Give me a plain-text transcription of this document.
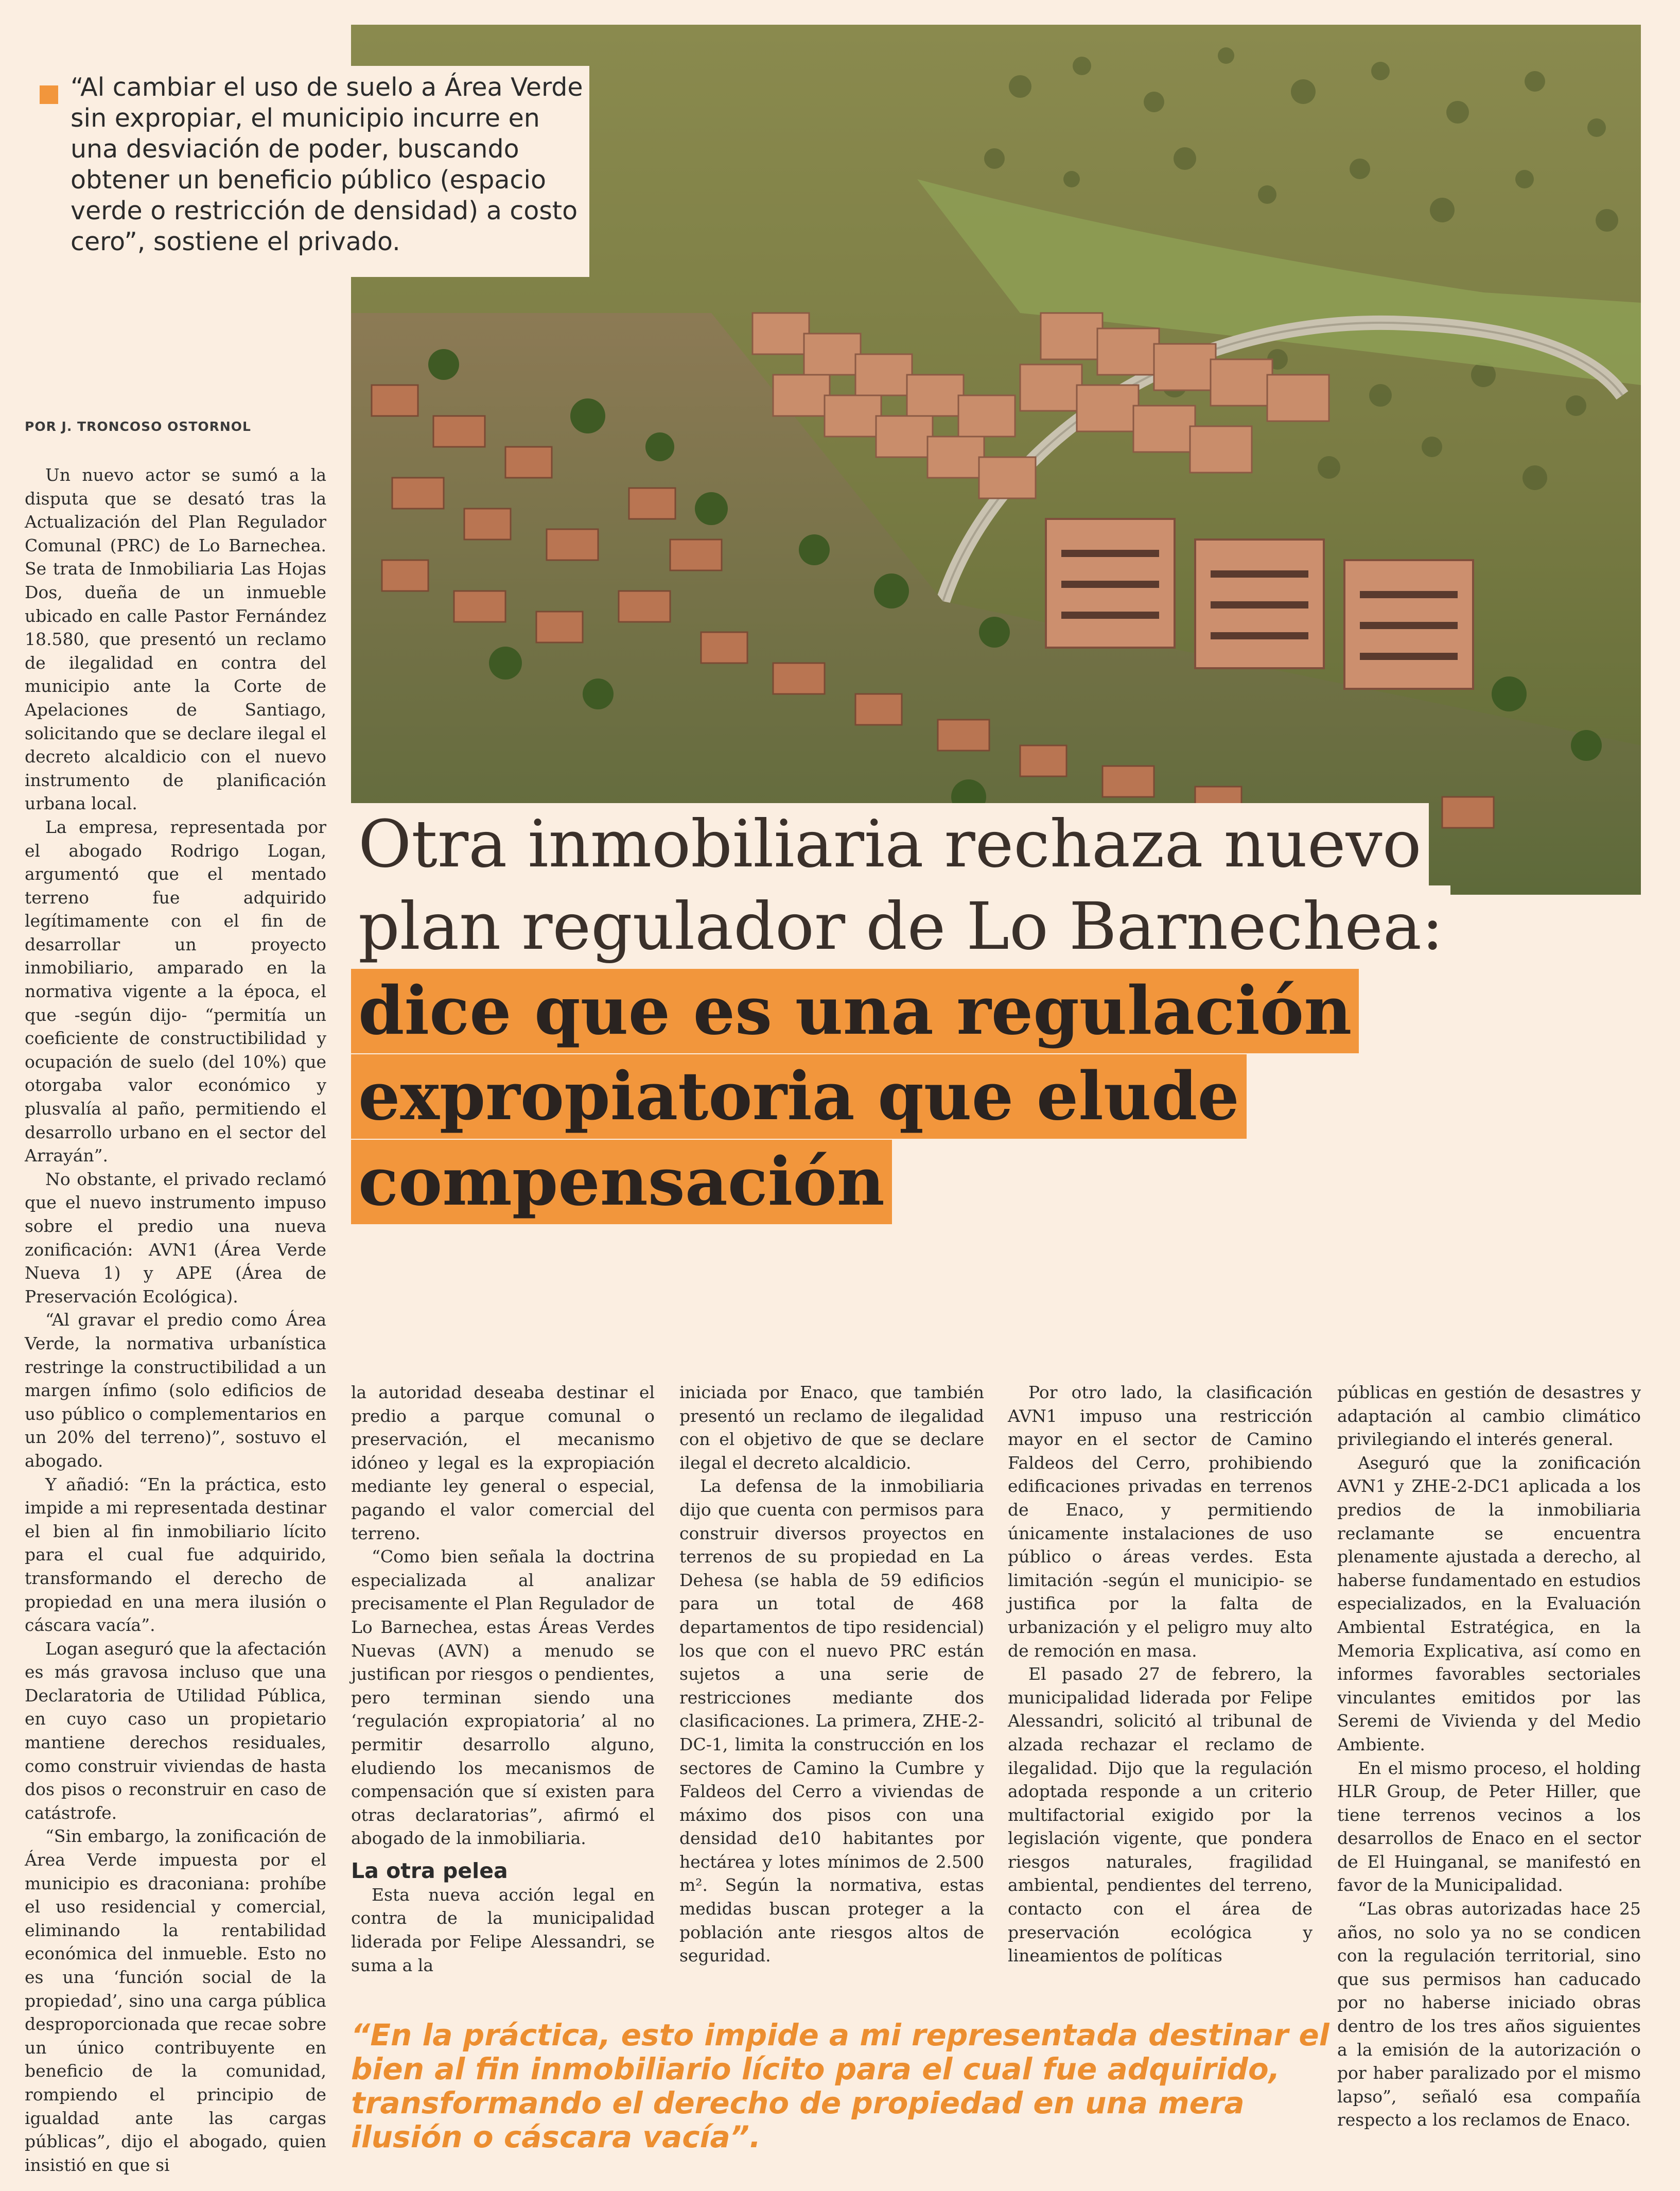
“Al cambiar el uso de suelo a Área Verde sin expropiar, el municipio incurre en una desviación de poder, buscando obtener un beneficio público (espacio verde o restricción de densidad) a costo cero”, sostiene el privado.

POR J. TRONCOSO OSTORNOL
Otra inmobiliaria rechaza nuevo
plan regulador de Lo Barnechea:
dice que es una regulación
expropiatoria que elude
compensación

Un nuevo actor se sumó a la disputa que se desató tras la Actualización del Plan Regulador Comunal (PRC) de Lo Barnechea. Se trata de Inmobiliaria Las Hojas Dos, dueña de un inmueble ubicado en calle Pastor Fernández 18.580, que presentó un reclamo de ilegalidad en contra del municipio ante la Corte de Apelaciones de Santiago, solicitando que se declare ilegal el decreto alcaldicio con el nuevo instrumento de planificación urbana local.

La empresa, representada por el abogado Rodrigo Logan, argumentó que el mentado terreno fue adquirido legítimamente con el fin de desarrollar un proyecto inmobiliario, amparado en la normativa vigente a la época, el que -según dijo- “permitía un coeficiente de constructibilidad y ocupación de suelo (del 10%) que otorgaba valor económico y plusvalía al paño, permitiendo el desarrollo urbano en el sector del Arrayán”.

No obstante, el privado reclamó que el nuevo instrumento impuso sobre el predio una nueva zonificación: AVN1 (Área Verde Nueva 1) y APE (Área de Preservación Ecológica).

“Al gravar el predio como Área Verde, la normativa urbanística restringe la constructibilidad a un margen ínfimo (solo edificios de uso público o complementarios en un 20% del terreno)”, sostuvo el abogado.

Y añadió: “En la práctica, esto impide a mi representada destinar el bien al fin inmobiliario lícito para el cual fue adquirido, transformando el derecho de propiedad en una mera ilusión o cáscara vacía”.

Logan aseguró que la afectación es más gravosa incluso que una Declaratoria de Utilidad Pública, en cuyo caso un propietario mantiene derechos residuales, como construir viviendas de hasta dos pisos o reconstruir en caso de catástrofe.

“Sin embargo, la zonificación de Área Verde impuesta por el municipio es draconiana: prohíbe el uso residencial y comercial, eliminando la rentabilidad económica del inmueble. Esto no es una ‘función social de la propiedad’, sino una carga pública desproporcionada que recae sobre un único contribuyente en beneficio de la comunidad, rompiendo el principio de igualdad ante las cargas públicas”, dijo el abogado, quien insistió en que si

la autoridad deseaba destinar el predio a parque comunal o preservación, el mecanismo idóneo y legal es la expropiación mediante ley general o especial, pagando el valor comercial del terreno.

“Como bien señala la doctrina especializada al analizar precisamente el Plan Regulador de Lo Barnechea, estas Áreas Verdes Nuevas (AVN) a menudo se justifican por riesgos o pendientes, pero terminan siendo una ‘regulación expropiatoria’ al no permitir desarrollo alguno, eludiendo los mecanismos de compensación que sí existen para otras declaratorias”, afirmó el abogado de la inmobiliaria.

La otra pelea

Esta nueva acción legal en contra de la municipalidad liderada por Felipe Alessandri, se suma a la

iniciada por Enaco, que también presentó un reclamo de ilegalidad con el objetivo de que se declare ilegal el decreto alcaldicio.

La defensa de la inmobiliaria dijo que cuenta con permisos para construir diversos proyectos en terrenos de su propiedad en La Dehesa (se habla de 59 edificios para un total de 468 departamentos de tipo residencial) los que con el nuevo PRC están sujetos a una serie de restricciones mediante dos clasificaciones. La primera, ZHE-2-DC-1, limita la construcción en los sectores de Camino la Cumbre y Faldeos del Cerro a viviendas de máximo dos pisos con una densidad de10 habitantes por hectárea y lotes mínimos de 2.500 m². Según la normativa, estas medidas buscan proteger a la población ante riesgos altos de seguridad.

Por otro lado, la clasificación AVN1 impuso una restricción mayor en el sector de Camino Faldeos del Cerro, prohibiendo edificaciones privadas en terrenos de Enaco, y permitiendo únicamente instalaciones de uso público o áreas verdes. Esta limitación -según el municipio- se justifica por la falta de urbanización y el peligro muy alto de remoción en masa.

El pasado 27 de febrero, la municipalidad liderada por Felipe Alessandri, solicitó al tribunal de alzada rechazar el reclamo de ilegalidad. Dijo que la regulación adoptada responde a un criterio multifactorial exigido por la legislación vigente, que pondera riesgos naturales, fragilidad ambiental, pendientes del terreno, contacto con el área de preservación ecológica y lineamientos de políticas

públicas en gestión de desastres y adaptación al cambio climático privilegiando el interés general.

Aseguró que la zonificación AVN1 y ZHE-2-DC1 aplicada a los predios de la inmobiliaria reclamante se encuentra plenamente ajustada a derecho, al haberse fundamentado en estudios especializados, en la Evaluación Ambiental Estratégica, en la Memoria Explicativa, así como en informes favorables sectoriales vinculantes emitidos por las Seremi de Vivienda y del Medio Ambiente.

En el mismo proceso, el holding HLR Group, de Peter Hiller, que tiene terrenos vecinos a los desarrollos de Enaco en el sector de El Huinganal, se manifestó en favor de la Municipalidad.

“Las obras autorizadas hace 25 años, no solo ya no se condicen con la regulación territorial, sino que sus permisos han caducado por no haberse iniciado obras dentro de los tres años siguientes a la emisión de la autorización o por haber paralizado por el mismo lapso”, señaló esa compañía respecto a los reclamos de Enaco.

“En la práctica, esto impide a mi representada destinar el bien al fin inmobiliario lícito para el cual fue adquirido, transformando el derecho de propiedad en una mera ilusión o cáscara vacía”.
